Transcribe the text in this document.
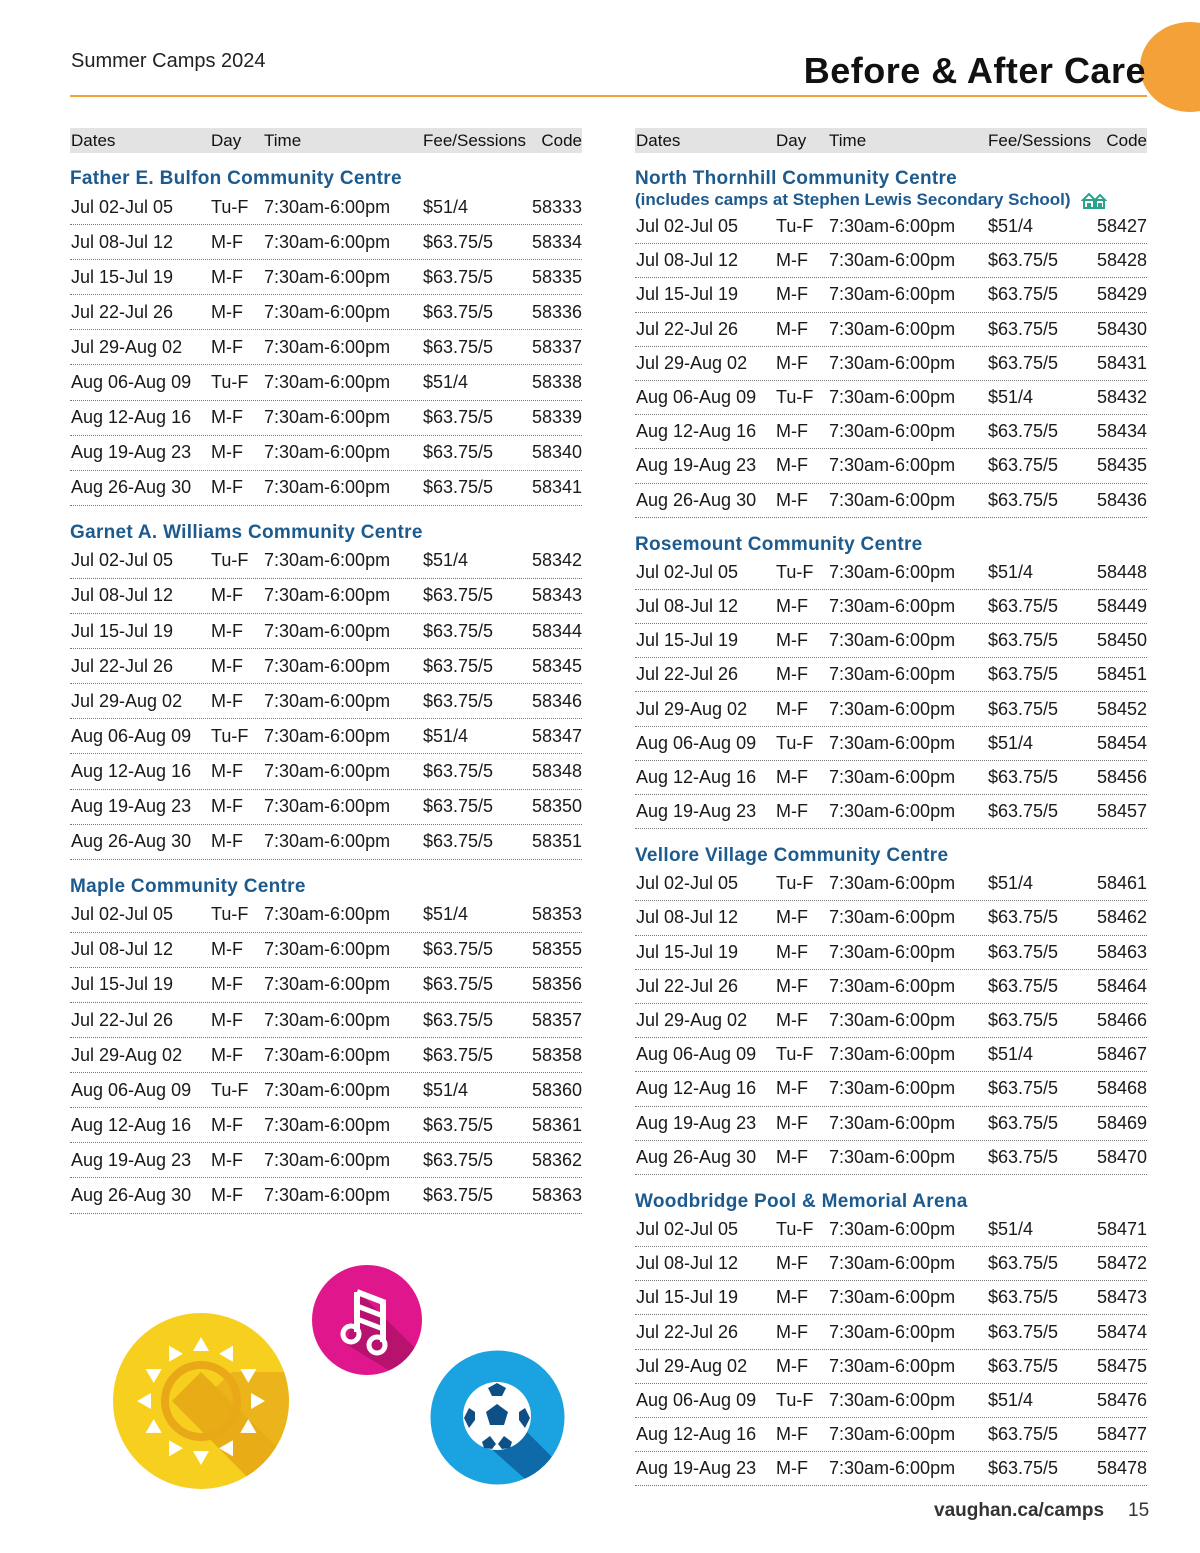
Summer Camps 2024	Before & After Care
Dates	Day	Time	Fee/Sessions Code
Father E. Bulfon Community Centre
Jul 02-Jul 05	Tu-F 7:30am-6:00pm	$51/4	58333
Jul 08-Jul 12	M-F	7:30am-6:00pm	$63.75/5	58334
Jul 15-Jul 19	M-F	7:30am-6:00pm	$63.75/5	58335
Jul 22-Jul 26	M-F	7:30am-6:00pm	$63.75/5	58336
Jul 29-Aug 02	M-F	7:30am-6:00pm	$63.75/5	58337
Aug 06-Aug 09	Tu-F 7:30am-6:00pm	$51/4	58338
Aug 12-Aug 16	M-F	7:30am-6:00pm	$63.75/5	58339
Aug 19-Aug 23	M-F	7:30am-6:00pm	$63.75/5	58340
Aug 26-Aug 30	M-F	7:30am-6:00pm	$63.75/5	58341
Garnet A. Williams Community Centre
Jul 02-Jul 05	Tu-F 7:30am-6:00pm	$51/4	58342
Jul 08-Jul 12	M-F	7:30am-6:00pm	$63.75/5	58343
Jul 15-Jul 19	M-F	7:30am-6:00pm	$63.75/5	58344
Jul 22-Jul 26	M-F	7:30am-6:00pm	$63.75/5	58345
Jul 29-Aug 02	M-F	7:30am-6:00pm	$63.75/5	58346
Aug 06-Aug 09	Tu-F 7:30am-6:00pm	$51/4	58347
Aug 12-Aug 16	M-F	7:30am-6:00pm	$63.75/5	58348
Aug 19-Aug 23	M-F	7:30am-6:00pm	$63.75/5	58350
Aug 26-Aug 30	M-F	7:30am-6:00pm	$63.75/5	58351
Maple Community Centre
Jul 02-Jul 05	Tu-F 7:30am-6:00pm	$51/4	58353
Jul 08-Jul 12	M-F	7:30am-6:00pm	$63.75/5	58355
Jul 15-Jul 19	M-F	7:30am-6:00pm	$63.75/5	58356
Jul 22-Jul 26	M-F	7:30am-6:00pm	$63.75/5	58357
Jul 29-Aug 02	M-F	7:30am-6:00pm	$63.75/5	58358
Aug 06-Aug 09	Tu-F 7:30am-6:00pm	$51/4	58360
Aug 12-Aug 16	M-F	7:30am-6:00pm	$63.75/5	58361
Aug 19-Aug 23	M-F	7:30am-6:00pm	$63.75/5	58362
Aug 26-Aug 30	M-F	7:30am-6:00pm	$63.75/5	58363
Dates	Day	Time	Fee/Sessions Code
North Thornhill Community Centre
(includes camps at Stephen Lewis Secondary School)
Jul 02-Jul 05	Tu-F 7:30am-6:00pm	$51/4	58427
Jul 08-Jul 12	M-F	7:30am-6:00pm	$63.75/5	58428
Jul 15-Jul 19	M-F	7:30am-6:00pm	$63.75/5	58429
Jul 22-Jul 26	M-F	7:30am-6:00pm	$63.75/5	58430
Jul 29-Aug 02	M-F	7:30am-6:00pm	$63.75/5	58431
Aug 06-Aug 09	Tu-F 7:30am-6:00pm	$51/4	58432
Aug 12-Aug 16	M-F	7:30am-6:00pm	$63.75/5	58434
Aug 19-Aug 23	M-F	7:30am-6:00pm	$63.75/5	58435
Aug 26-Aug 30	M-F	7:30am-6:00pm	$63.75/5	58436
Rosemount Community Centre
Jul 02-Jul 05	Tu-F 7:30am-6:00pm	$51/4	58448
Jul 08-Jul 12	M-F	7:30am-6:00pm	$63.75/5	58449
Jul 15-Jul 19	M-F	7:30am-6:00pm	$63.75/5	58450
Jul 22-Jul 26	M-F	7:30am-6:00pm	$63.75/5	58451
Jul 29-Aug 02	M-F	7:30am-6:00pm	$63.75/5	58452
Aug 06-Aug 09	Tu-F 7:30am-6:00pm	$51/4	58454
Aug 12-Aug 16	M-F	7:30am-6:00pm	$63.75/5	58456
Aug 19-Aug 23	M-F	7:30am-6:00pm	$63.75/5	58457
Vellore Village Community Centre
Jul 02-Jul 05	Tu-F 7:30am-6:00pm	$51/4	58461
Jul 08-Jul 12	M-F	7:30am-6:00pm	$63.75/5	58462
Jul 15-Jul 19	M-F	7:30am-6:00pm	$63.75/5	58463
Jul 22-Jul 26	M-F	7:30am-6:00pm	$63.75/5	58464
Jul 29-Aug 02	M-F	7:30am-6:00pm	$63.75/5	58466
Aug 06-Aug 09	Tu-F 7:30am-6:00pm	$51/4	58467
Aug 12-Aug 16	M-F	7:30am-6:00pm	$63.75/5	58468
Aug 19-Aug 23	M-F	7:30am-6:00pm	$63.75/5	58469
Aug 26-Aug 30	M-F	7:30am-6:00pm	$63.75/5	58470
Woodbridge Pool & Memorial Arena
Jul 02-Jul 05	Tu-F 7:30am-6:00pm	$51/4	58471
Jul 08-Jul 12	M-F	7:30am-6:00pm	$63.75/5	58472
Jul 15-Jul 19	M-F	7:30am-6:00pm	$63.75/5	58473
Jul 22-Jul 26	M-F	7:30am-6:00pm	$63.75/5	58474
Jul 29-Aug 02	M-F	7:30am-6:00pm	$63.75/5	58475
Aug 06-Aug 09	Tu-F 7:30am-6:00pm	$51/4	58476
Aug 12-Aug 16	M-F	7:30am-6:00pm	$63.75/5	58477
Aug 19-Aug 23	M-F	7:30am-6:00pm	$63.75/5	58478
vaughan.ca/camps 15
